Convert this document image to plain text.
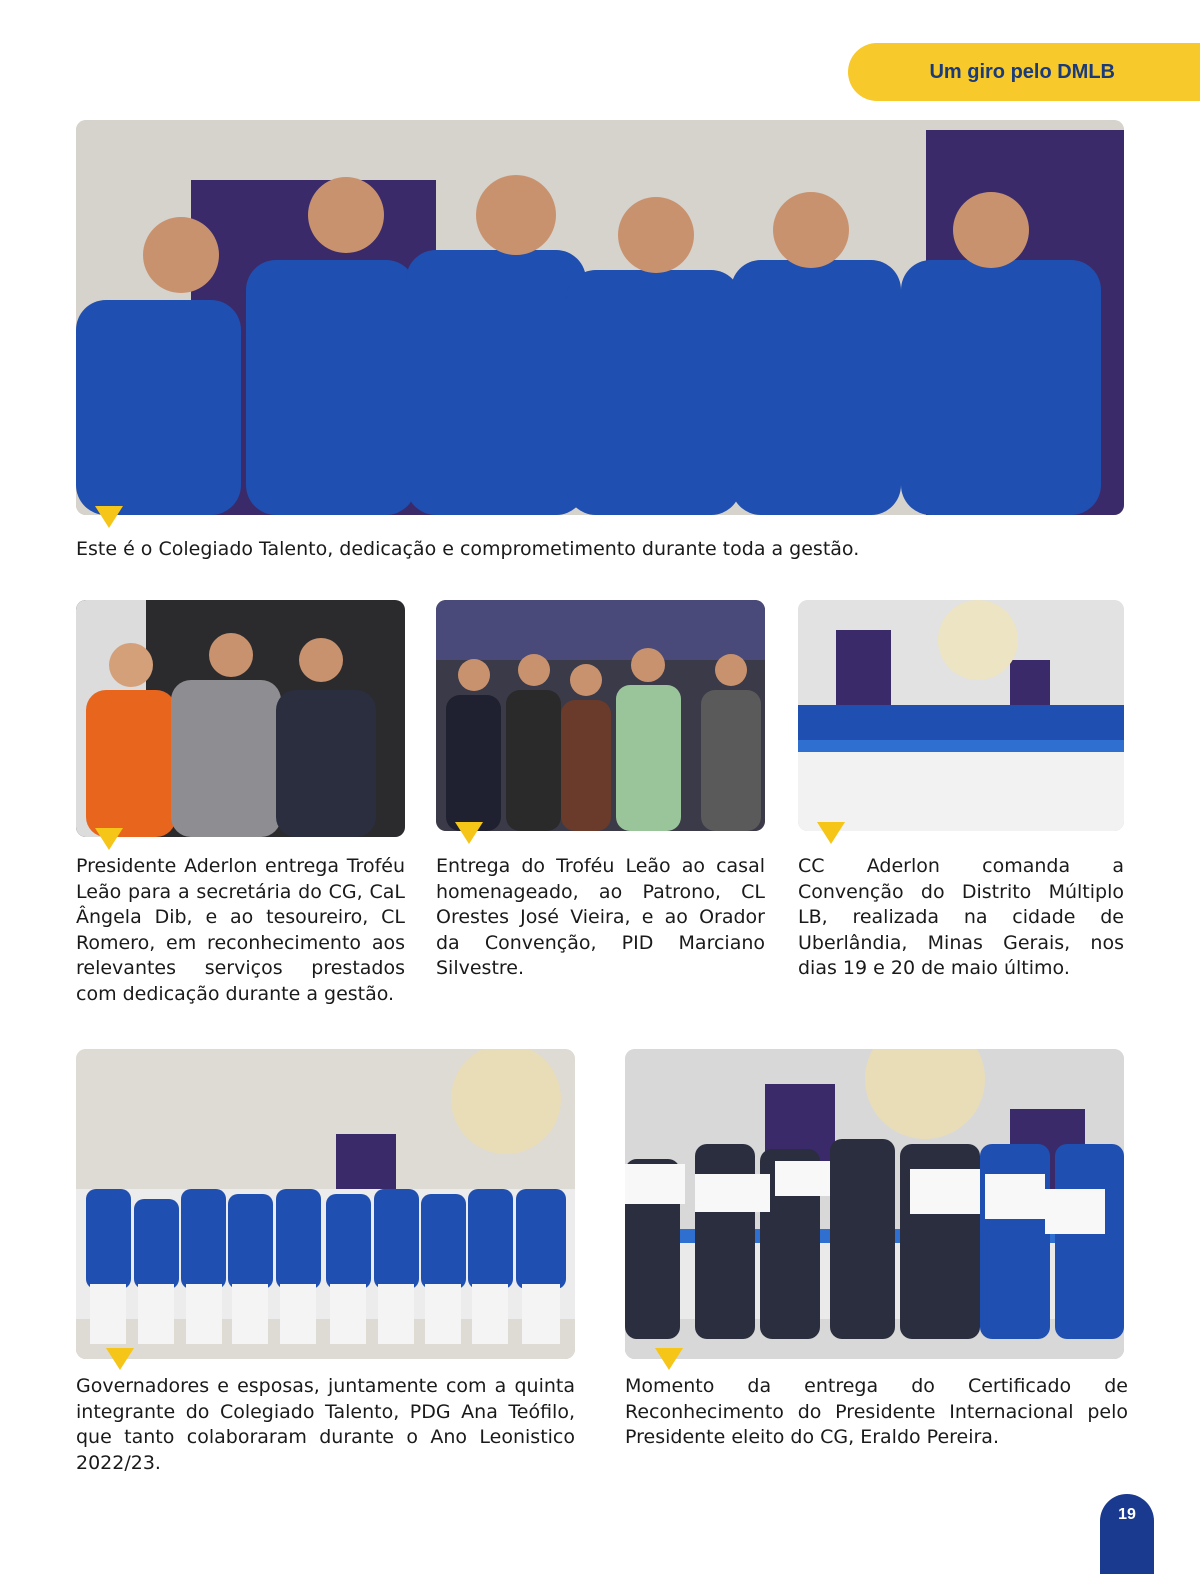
Um giro pelo DMLB
Este é o Colegiado Talento, dedicação e comprometimento durante toda a gestão.
Presidente Aderlon entrega Troféu Leão para a secretária do CG, CaL Ângela Dib, e ao tesoureiro, CL Romero, em reconhecimento aos relevantes serviços prestados com dedicação durante a gestão.
Entrega do Troféu Leão ao casal homenageado, ao Patrono, CL Orestes José Vieira, e ao Orador da Convenção, PID Marciano Silvestre.
CC Aderlon comanda a Convenção do Distrito Múltiplo LB, realizada na cidade de Uberlândia, Minas Gerais, nos dias 19 e 20 de maio último.
Governadores e esposas, juntamente com a quinta integrante do Colegiado Talento, PDG Ana Teófilo, que tanto colaboraram durante o Ano Leonistico 2022/23.
Momento da entrega do Certificado de Reconhecimento do Presidente Internacional pelo Presidente eleito do CG, Eraldo Pereira.
19
